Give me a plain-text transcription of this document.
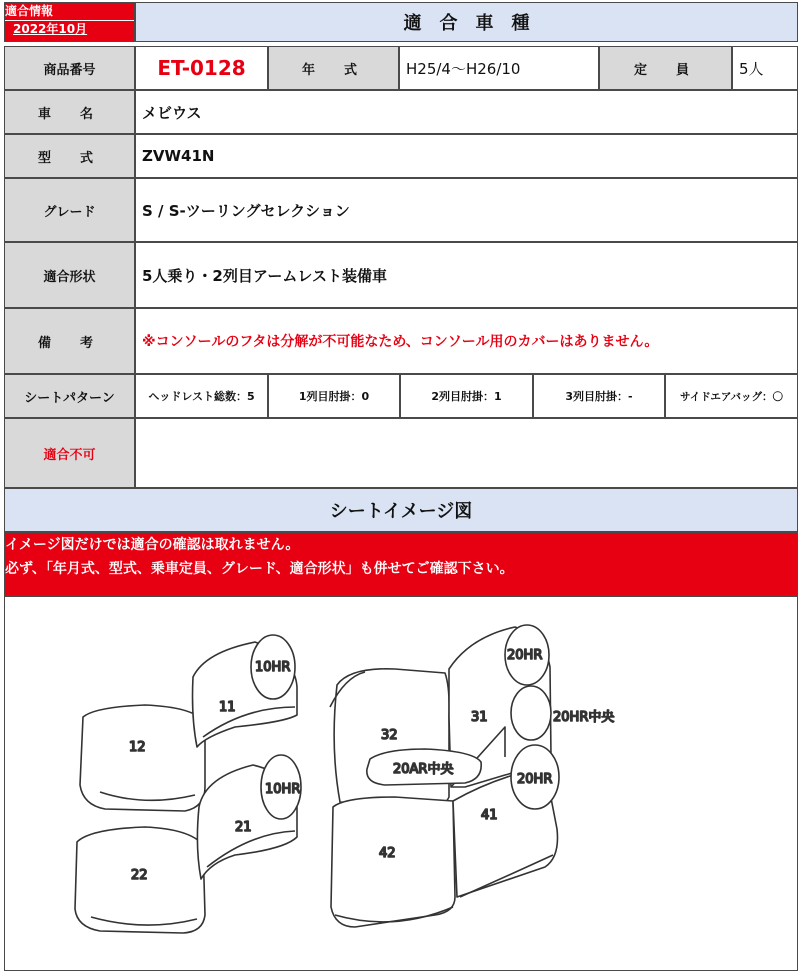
適合情報
2022年10月	適　合　車　種
商品番号	ET-0128	年　式	H25/4〜H26/10	定　員	5人
車　名	メビウス
型　式	ZVW41N
グレード	S / S-ツーリングセレクション
適合形状	5人乗り・2列目アームレスト装備車
備　考	※コンソールのフタは分解が不可能なため、コンソール用のカバーはありません。
シートパターン	ヘッドレスト総数：5	1列目肘掛：0	2列目肘掛：1	3列目肘掛：-	サイドエアバッグ：〇
適合不可
シートイメージ図
イメージ図だけでは適合の確認は取れません。
必ず、「年月式、型式、乗車定員、グレード、適合形状」も併せてご確認下さい。
10HR
11
12
10HR
21
22
32
20AR中央
42
20HR
31	20HR中央
20HR
41
